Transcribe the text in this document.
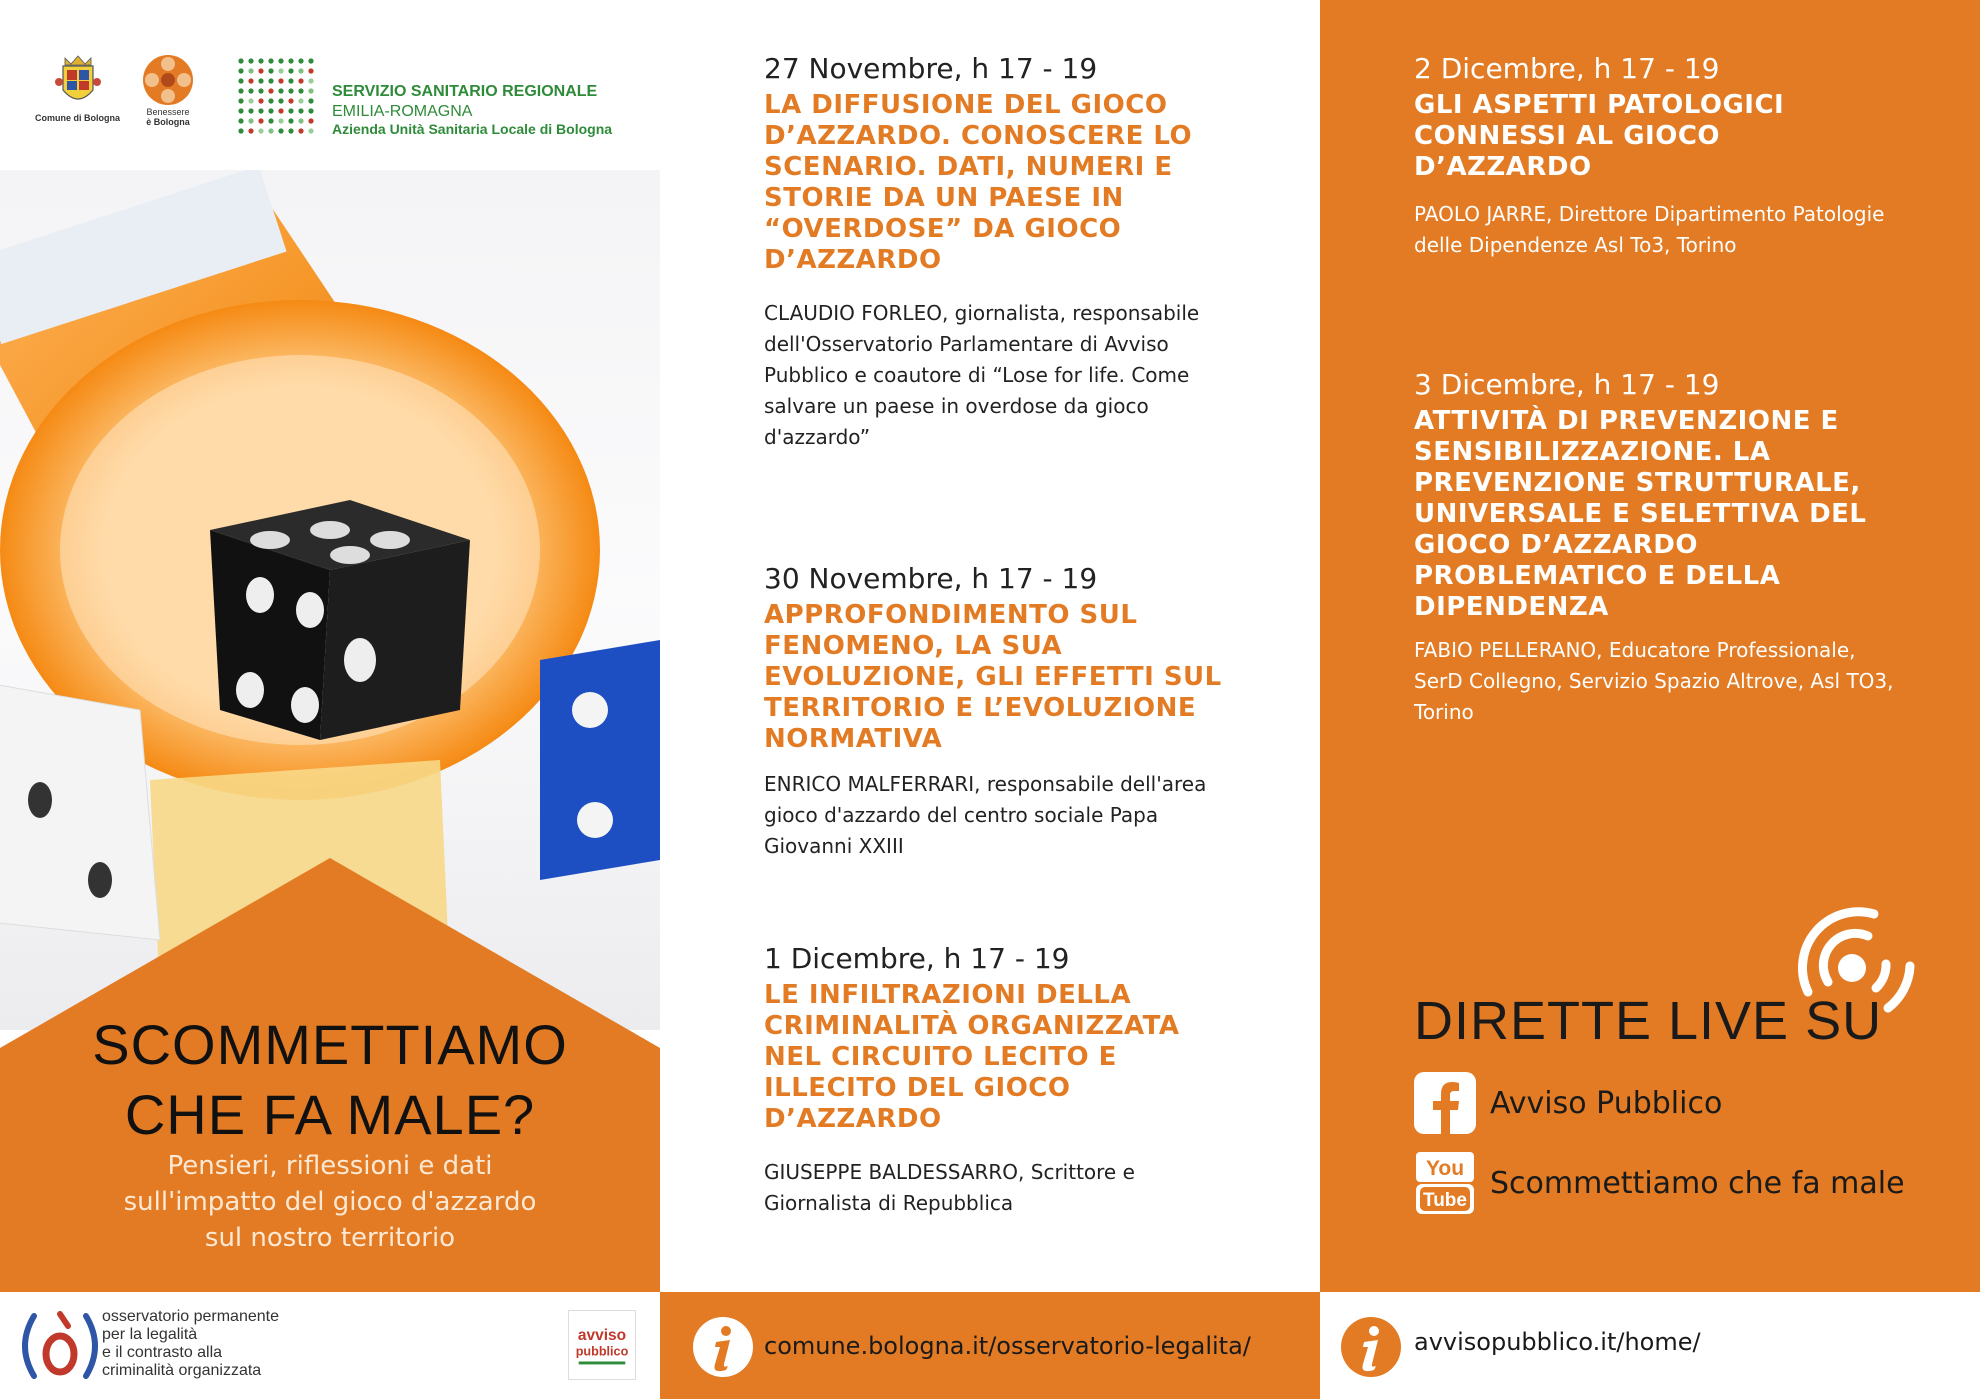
Comune di Bologna
Benessere
è Bologna
SERVIZIO SANITARIO REGIONALE
EMILIA-ROMAGNA
Azienda Unità Sanitaria Locale di Bologna
SCOMMETTIAMO
CHE FA MALE?
Pensieri, riflessioni e dati
sull'impatto del gioco d'azzardo
sul nostro territorio
27 Novembre, h 17 - 19
LA DIFFUSIONE DEL GIOCO D’AZZARDO. CONOSCERE LO SCENARIO. DATI, NUMERI E STORIE DA UN PAESE IN “OVERDOSE” DA GIOCO D’AZZARDO
CLAUDIO FORLEO, giornalista, responsabile dell'Osservatorio Parlamentare di Avviso Pubblico e coautore di “Lose for life. Come salvare un paese in overdose da gioco d'azzardo”
30 Novembre, h 17 - 19
APPROFONDIMENTO SUL FENOMENO, LA SUA EVOLUZIONE, GLI EFFETTI SUL TERRITORIO E L’EVOLUZIONE NORMATIVA
ENRICO MALFERRARI, responsabile dell'area gioco d'azzardo del centro sociale Papa Giovanni XXIII
1 Dicembre, h 17 - 19
LE INFILTRAZIONI DELLA CRIMINALITÀ ORGANIZZATA NEL CIRCUITO LECITO E ILLECITO DEL GIOCO D’AZZARDO
GIUSEPPE BALDESSARRO, Scrittore e Giornalista di Repubblica
2 Dicembre, h 17 - 19
GLI ASPETTI PATOLOGICI CONNESSI AL GIOCO D’AZZARDO
PAOLO JARRE, Direttore Dipartimento Patologie delle Dipendenze Asl To3, Torino
3 Dicembre, h 17 - 19
ATTIVITÀ DI PREVENZIONE E SENSIBILIZZAZIONE. LA PREVENZIONE STRUTTURALE, UNIVERSALE E SELETTIVA DEL GIOCO D’AZZARDO PROBLEMATICO E DELLA DIPENDENZA
FABIO PELLERANO, Educatore Professionale, SerD Collegno, Servizio Spazio Altrove, Asl TO3, Torino
DIRETTE LIVE SU
Avviso Pubblico
You
Tube Scommettiamo che fa male
osservatorio permanente
per la legalità
e il contrasto alla
criminalità organizzata
avviso
pubblico	comune.bologna.it/osservatorio-legalita/	avvisopubblico.it/home/
